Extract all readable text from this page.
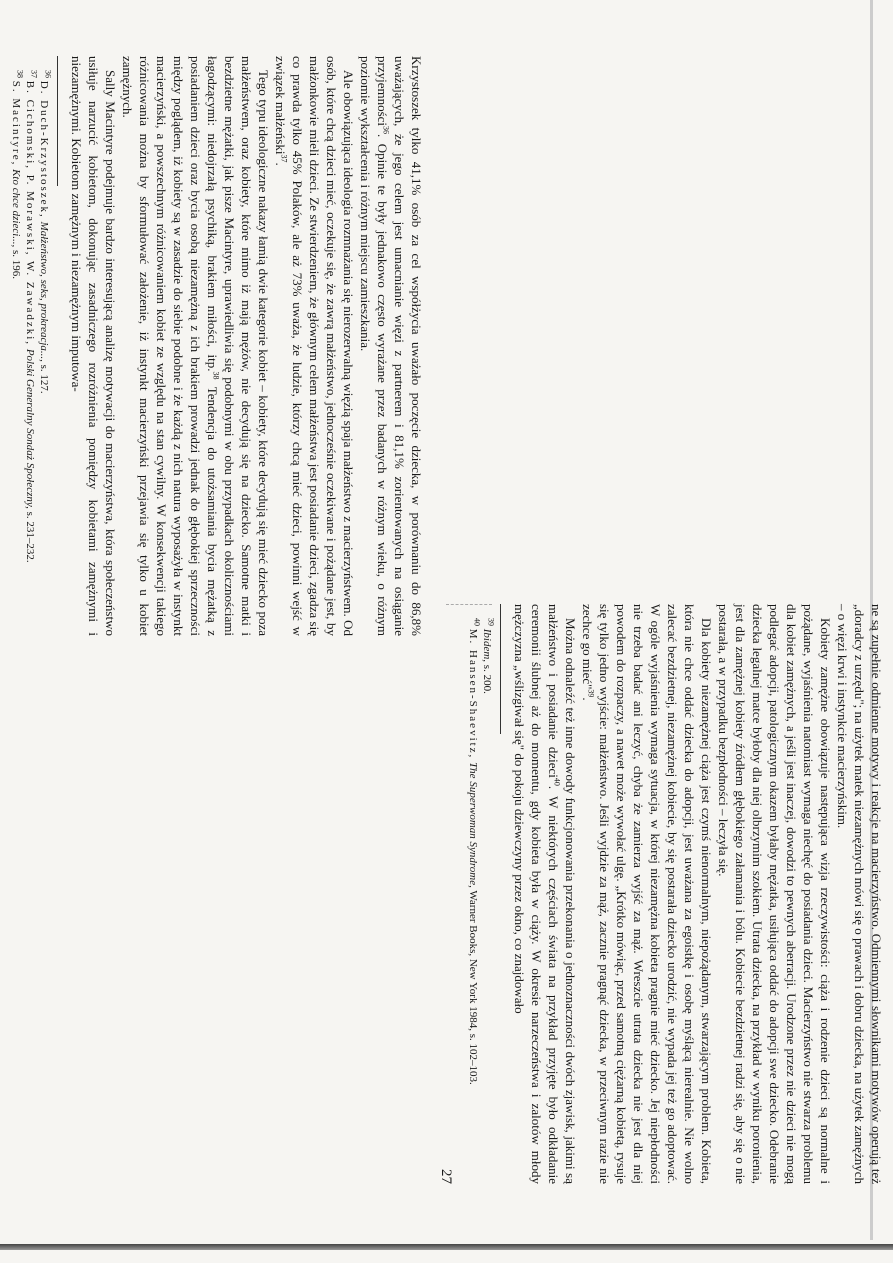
Krzystoszek tylko 41,1% osób za cel współżycia uważało poczęcie dziecka, w porównaniu do 86,8% uważających, że jego celem jest umacnianie więzi z partnerem i 81,1% zorientowanych na osiąganie przyjemności$^{36}$. Opinie te były jednakowo często wyrażane przez badanych w różnym wieku, o różnym poziomie wykształcenia i różnym miejscu zamieszkania.

Ale obowiązująca ideologia rozmnażania się nierozerwalną więzią spaja małżeństwo z macierzyństwem. Od osób, które chcą dzieci mieć, oczekuje się, że zawrą małżeństwo, jednocześnie oczekiwane i pożądane jest, by małżonkowie mieli dzieci. Ze stwierdzeniem, że głównym celem małżeństwa jest posiadanie dzieci, zgadza się co prawda tylko 45% Polaków, ale aż 73% uważa, że ludzie, którzy chcą mieć dzieci, powinni wejść w związek małżeński$^{37}$.

Tego typu ideologiczne nakazy łamią dwie kategorie kobiet – kobiety, które decydują się mieć dziecko poza małżeństwem, oraz kobiety, które mimo iż mają mężów, nie decydują się na dziecko. Samotne matki i bezdzietne mężatki, jak pisze Macintyre, uprawiedliwia się podobnymi w obu przypadkach okolicznościami łagodzącymi: niedojrzałą psychiką, brakiem miłości, itp.$^{38}$ Tendencja do utożsamiania bycia mężatką z posiadaniem dzieci oraz bycia osobą niezamężną z ich brakiem prowadzi jednak do głębokiej sprzeczności między poglądem, iż kobiety są w zasadzie do siebie podobne i że każdą z nich natura wyposażyła w instynkt macierzyński, a powszechnym różnicowaniem kobiet ze względu na stan cywilny. W konsekwencji takiego różnicowania można by sformułować założenie, iż instynkt macierzyński przejawia się tylko u kobiet zamężnych.

Sally Macintyre podejmuje bardzo interesującą analizę motywacji do macierzyństwa, która społeczeństwo usiłuje narzucić kobietom, dokonując zasadniczego rozróżnienia pomiędzy kobietami zamężnymi i niezamężnymi. Kobietom zamężnym i niezamężnym imputowa-

$^{36}$ D. Duch-Krzystoszek, Małżeństwo, seks, prokreacja..., s. 127.
$^{37}$ B. Cichomski, P. Morawski, W. Zawadzki, Polski Generalny Sondaż Społeczny, s. 231–232.
$^{38}$ S. Macintyre, Kto chce dzieci..., s. 196.

ne są zupełnie odmienne motywy i reakcje na macierzyństwo. Odmiennymi słownikami motywów operują też „doradcy z urzędu"; na użytek matek niezamężnych mówi się o prawach i dobru dziecka, na użytek zamężnych – o więzi krwi i instynkcie macierzyńskim.

Kobiety zamężne obowiązuje następująca wizja rzeczywistości: ciąża i rodzenie dzieci są normalne i pożądane, wyjaśnienia natomiast wymaga niechęć do posiadania dzieci. Macierzyństwo nie stwarza problemu dla kobiet zamężnych, a jeśli jest inaczej, dowodzi to pewnych aberracji. Urodzone przez nie dzieci nie mogą podlegać adopcji, patologicznym okazem byłaby mężatka, usiłująca oddać do adopcji swe dziecko. Odebranie dziecka legalnej matce byłoby dla niej olbrzymim szokiem. Utrata dziecka, na przykład w wyniku poronienia, jest dla zamężnej kobiety źródłem głębokiego załamania i bólu. Kobiecie bezdzietnej radzi się, aby się o nie postarała, a w przypadku bezpłodności – leczyła się.

Dla kobiety niezamężnej ciąża jest czymś nienormalnym, niepożądanym, stwarzającym problem. Kobieta, która nie chce oddać dziecka do adopcji, jest uważana za egoistkę i osobę myślącą nierealnie. Nie wolno zalecać bezdzietnej, niezamężnej kobiecie, by się postarała dziecko urodzić, nie wypada jej też go adoptować. W ogóle wyjaśnienia wymaga sytuacja, w której niezamężna kobieta pragnie mieć dziecko. Jej niepłodności nie trzeba badać ani leczyć, chyba że zamierza wyjść za mąż. Wreszcie utrata dziecka nie jest dla niej powodem do rozpaczy, a nawet może wywołać ulgę. „Krótko mówiąc, przed samotną ciężarną kobietą, rysuje się tylko jedno wyjście: małżeństwo. Jeśli wyjdzie za mąż, zacznie pragnąć dziecka, w przeciwnym razie nie zechce go mieć"$^{39}$.

Można odnaleźć też inne dowody funkcjonowania przekonania o jednoznaczności dwóch zjawisk, jakimi są małżeństwo i posiadanie dzieci$^{40}$. W niektórych częściach świata na przykład przyjęte było odkładanie ceremonii ślubnej aż do momentu, gdy kobieta była w ciąży. W okresie narzeczeństwa i zalotów młody mężczyzna „wślizgiwał się" do pokoju dziewczyny przez okno, co znajdowało

$^{39}$ Ibidem, s. 200.
$^{40}$ M. Hansen-Shaevitz, The Superwoman Syndrome, Warner Books, New York 1984, s. 102–103.
27
